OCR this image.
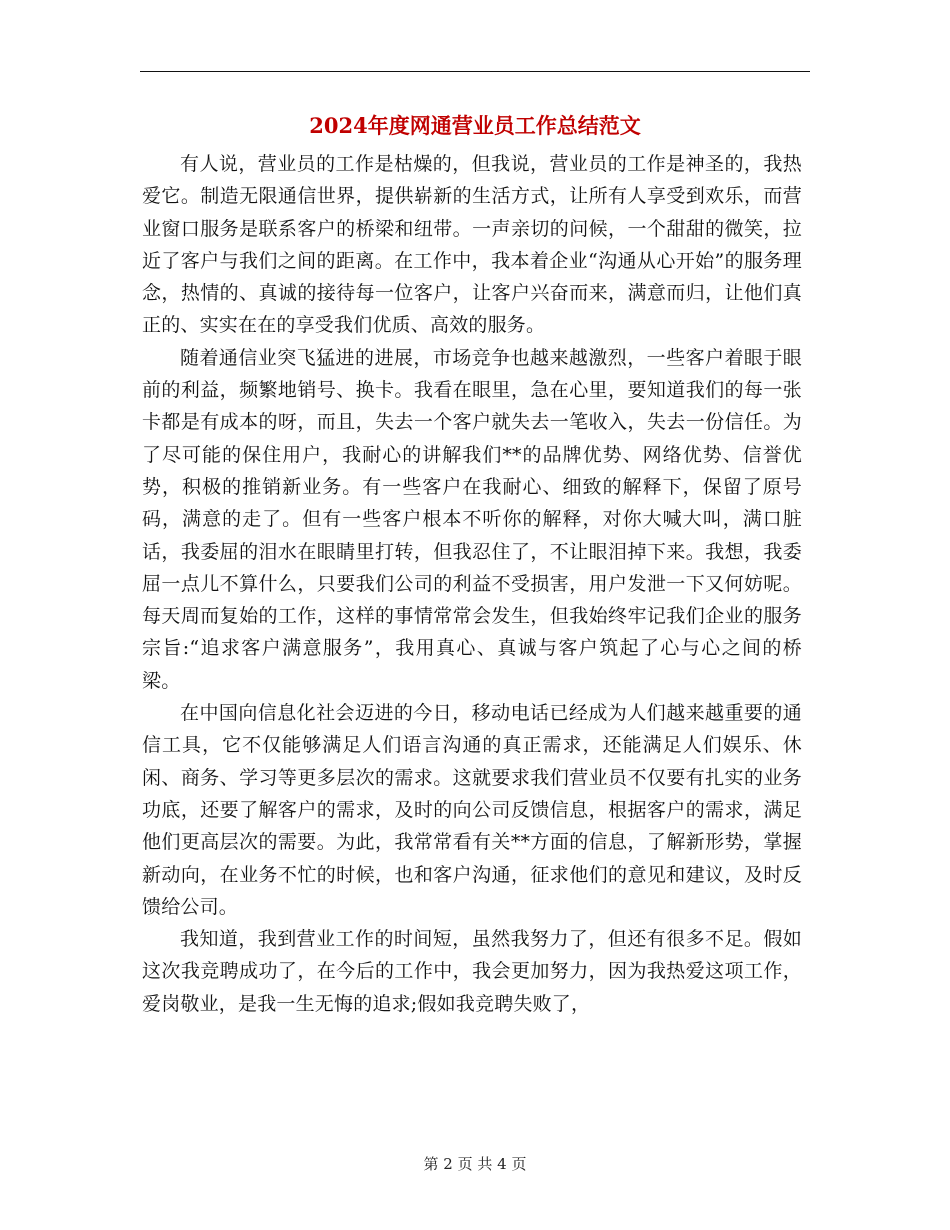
2024年度网通营业员工作总结范文

有人说，营业员的工作是枯燥的，但我说，营业员的工作是神圣的，我热爱它。制造无限通信世界，提供崭新的生活方式，让所有人享受到欢乐，而营业窗口服务是联系客户的桥梁和纽带。一声亲切的问候，一个甜甜的微笑，拉近了客户与我们之间的距离。在工作中，我本着企业“沟通从心开始”的服务理念，热情的、真诚的接待每一位客户，让客户兴奋而来，满意而归，让他们真正的、实实在在的享受我们优质、高效的服务。

随着通信业突飞猛进的进展，市场竞争也越来越激烈，一些客户着眼于眼前的利益，频繁地销号、换卡。我看在眼里，急在心里，要知道我们的每一张卡都是有成本的呀，而且，失去一个客户就失去一笔收入，失去一份信任。为了尽可能的保住用户，我耐心的讲解我们**的品牌优势、网络优势、信誉优势，积极的推销新业务。有一些客户在我耐心、细致的解释下，保留了原号码，满意的走了。但有一些客户根本不听你的解释，对你大喊大叫，满口脏话，我委屈的泪水在眼睛里打转，但我忍住了，不让眼泪掉下来。我想，我委屈一点儿不算什么，只要我们公司的利益不受损害，用户发泄一下又何妨呢。每天周而复始的工作，这样的事情常常会发生，但我始终牢记我们企业的服务宗旨:“追求客户满意服务”，我用真心、真诚与客户筑起了心与心之间的桥梁。

在中国向信息化社会迈进的今日，移动电话已经成为人们越来越重要的通信工具，它不仅能够满足人们语言沟通的真正需求，还能满足人们娱乐、休闲、商务、学习等更多层次的需求。这就要求我们营业员不仅要有扎实的业务功底，还要了解客户的需求，及时的向公司反馈信息，根据客户的需求，满足他们更高层次的需要。为此，我常常看有关**方面的信息，了解新形势，掌握新动向，在业务不忙的时候，也和客户沟通，征求他们的意见和建议，及时反馈给公司。

我知道，我到营业工作的时间短，虽然我努力了，但还有很多不足。假如这次我竞聘成功了，在今后的工作中，我会更加努力，因为我热爱这项工作，爱岗敬业，是我一生无悔的追求;假如我竞聘失败了，

第 2 页 共 4 页
